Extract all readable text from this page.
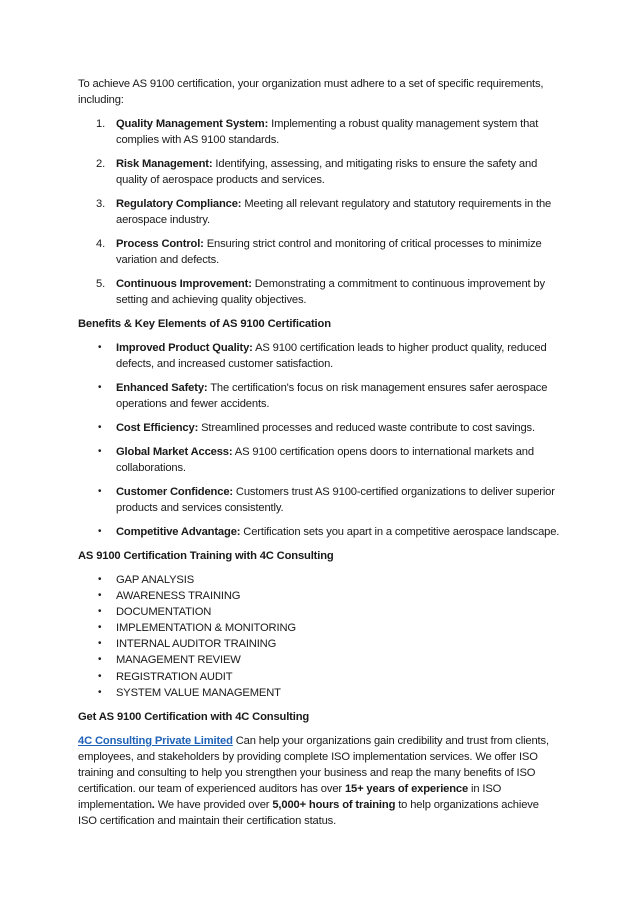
To achieve AS 9100 certification, your organization must adhere to a set of specific requirements, including:

1. Quality Management System: Implementing a robust quality management system that complies with AS 9100 standards.
2. Risk Management: Identifying, assessing, and mitigating risks to ensure the safety and quality of aerospace products and services.
3. Regulatory Compliance: Meeting all relevant regulatory and statutory requirements in the aerospace industry.
4. Process Control: Ensuring strict control and monitoring of critical processes to minimize variation and defects.
5. Continuous Improvement: Demonstrating a commitment to continuous improvement by setting and achieving quality objectives.
Benefits & Key Elements of AS 9100 Certification
• Improved Product Quality: AS 9100 certification leads to higher product quality, reduced defects, and increased customer satisfaction.
• Enhanced Safety: The certification's focus on risk management ensures safer aerospace operations and fewer accidents.
• Cost Efficiency: Streamlined processes and reduced waste contribute to cost savings.
• Global Market Access: AS 9100 certification opens doors to international markets and collaborations.
• Customer Confidence: Customers trust AS 9100-certified organizations to deliver superior products and services consistently.
• Competitive Advantage: Certification sets you apart in a competitive aerospace landscape.
AS 9100 Certification Training with 4C Consulting
• GAP ANALYSIS
• AWARENESS TRAINING
• DOCUMENTATION
• IMPLEMENTATION & MONITORING
• INTERNAL AUDITOR TRAINING
• MANAGEMENT REVIEW
• REGISTRATION AUDIT
• SYSTEM VALUE MANAGEMENT
Get AS 9100 Certification with 4C Consulting

4C Consulting Private Limited Can help your organizations gain credibility and trust from clients, employees, and stakeholders by providing complete ISO implementation services. We offer ISO training and consulting to help you strengthen your business and reap the many benefits of ISO certification. our team of experienced auditors has over 15+ years of experience in ISO implementation. We have provided over 5,000+ hours of training to help organizations achieve ISO certification and maintain their certification status.
